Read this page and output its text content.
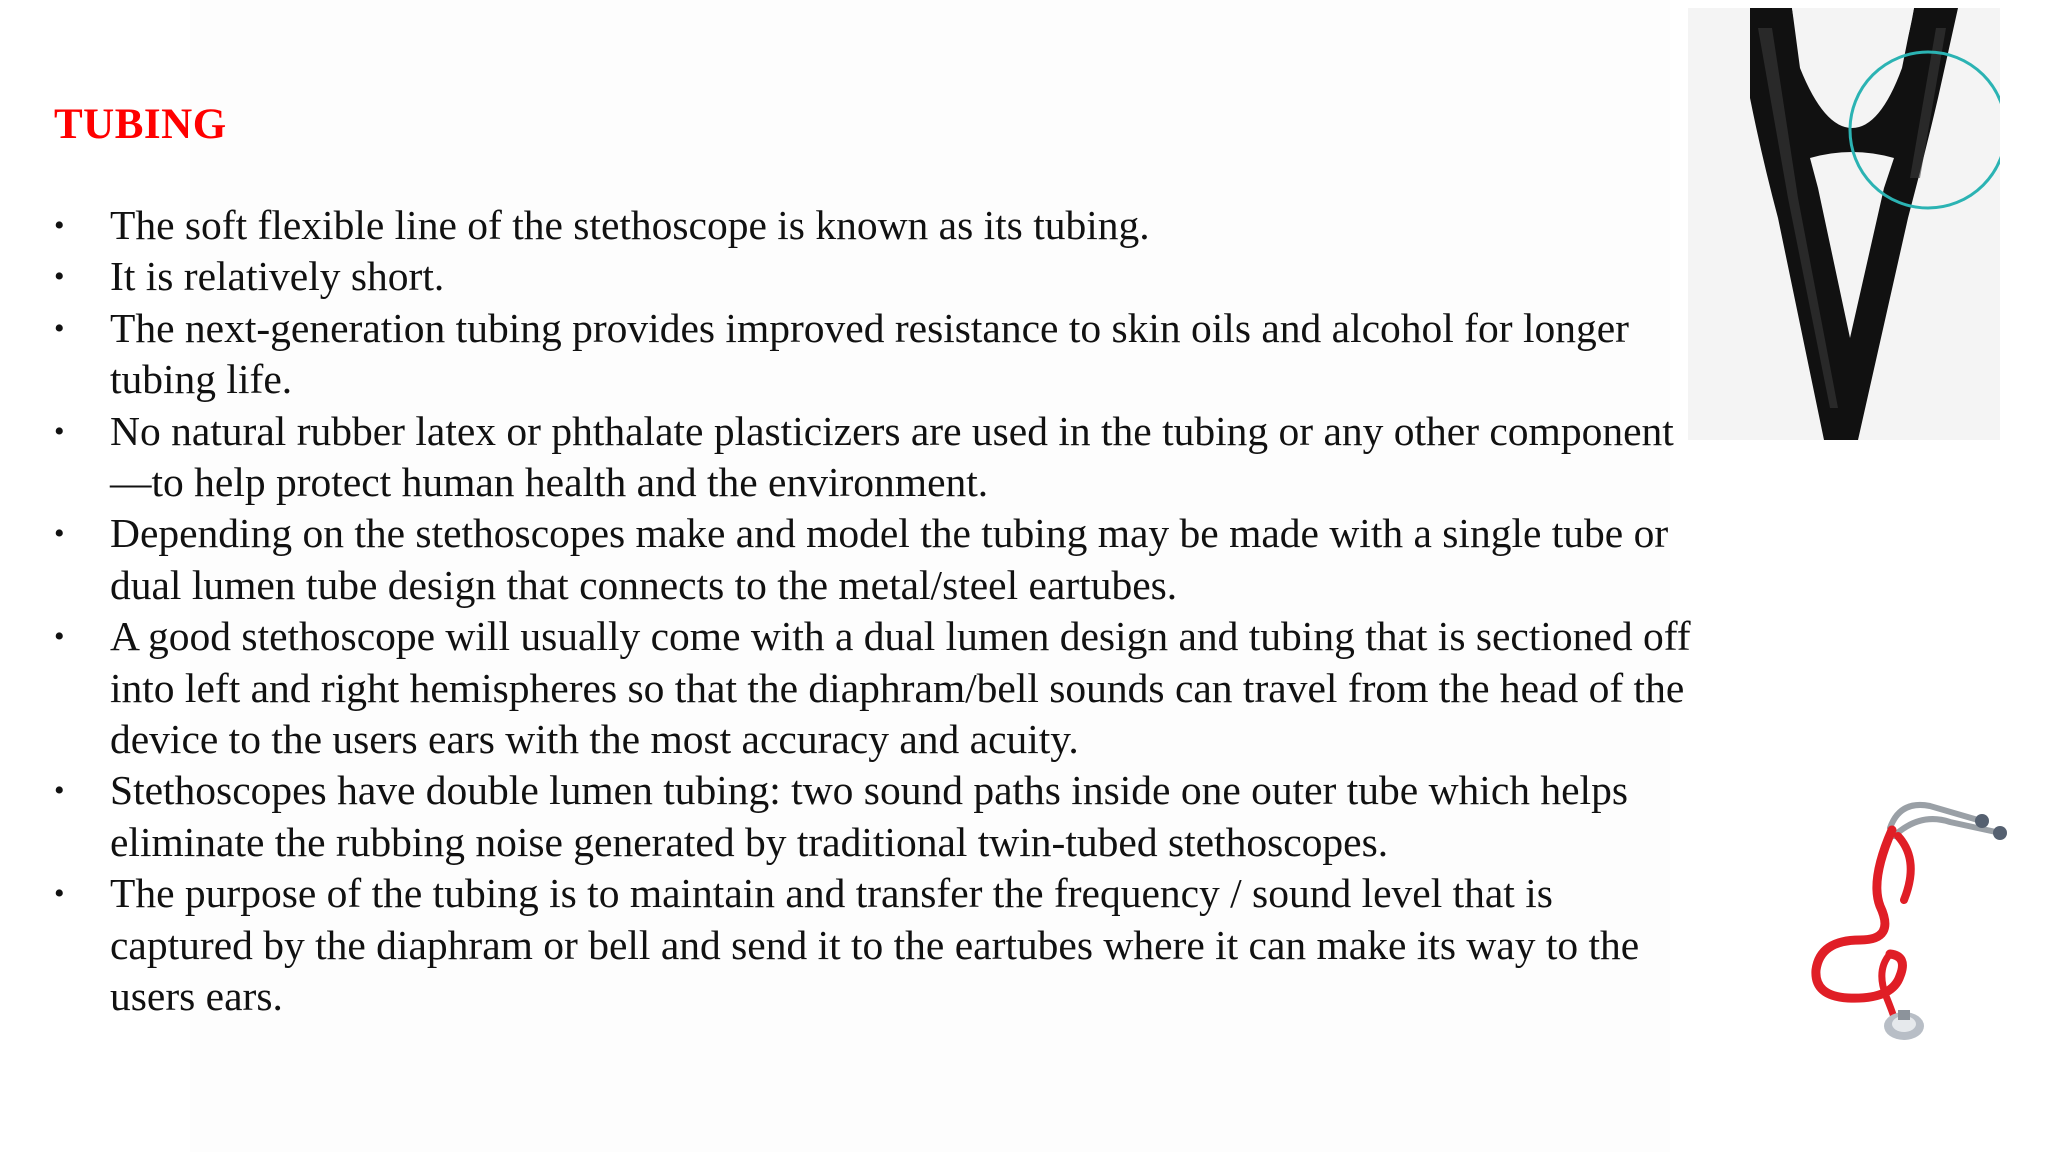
TUBING
• The soft flexible line of the stethoscope is known as its tubing.
• It is relatively short.
• The next-generation tubing provides improved resistance to skin oils and alcohol for longer tubing life.
• No natural rubber latex or phthalate plasticizers are used in the tubing or any other component—to help protect human health and the environment.
• Depending on the stethoscopes make and model the tubing may be made with a single tube or dual lumen tube design that connects to the metal/steel eartubes.
• A good stethoscope will usually come with a dual lumen design and tubing that is sectioned off into left and right hemispheres so that the diaphram/bell sounds can travel from the head of the device to the users ears with the most accuracy and acuity.
• Stethoscopes have double lumen tubing: two sound paths inside one outer tube which helps eliminate the rubbing noise generated by traditional twin-tubed stethoscopes.
• The purpose of the tubing is to maintain and transfer the frequency / sound level that is captured by the diaphram or bell and send it to the eartubes where it can make its way to the users ears.
